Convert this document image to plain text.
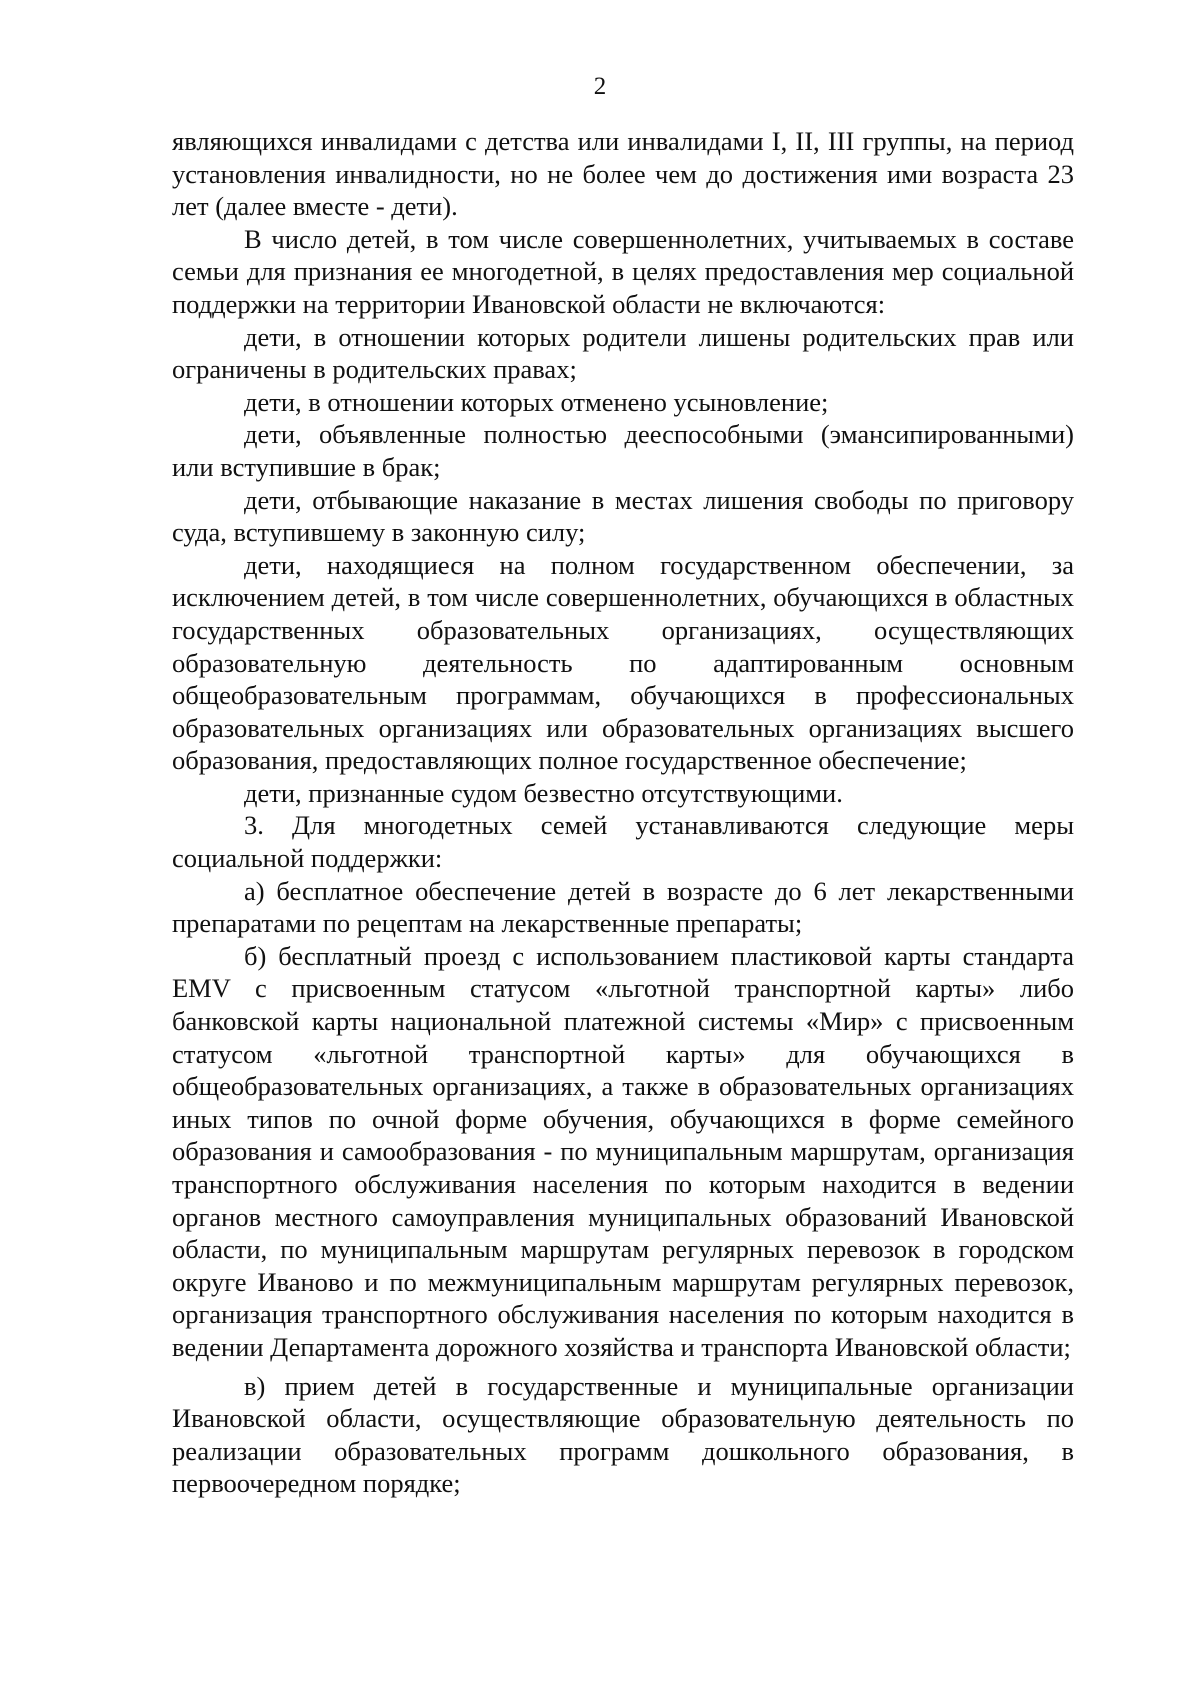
2

являющихся инвалидами с детства или инвалидами I, II, III группы, на период установления инвалидности, но не более чем до достижения ими возраста 23 лет (далее вместе - дети).

В число детей, в том числе совершеннолетних, учитываемых в составе семьи для признания ее многодетной, в целях предоставления мер социальной поддержки на территории Ивановской области не включаются:

дети, в отношении которых родители лишены родительских прав или ограничены в родительских правах;

дети, в отношении которых отменено усыновление;

дети, объявленные полностью дееспособными (эмансипированными) или вступившие в брак;

дети, отбывающие наказание в местах лишения свободы по приговору суда, вступившему в законную силу;

дети, находящиеся на полном государственном обеспечении, за исключением детей, в том числе совершеннолетних, обучающихся в областных государственных образовательных организациях, осуществляющих образовательную деятельность по адаптированным основным общеобразовательным программам, обучающихся в профессиональных образовательных организациях или образовательных организациях высшего образования, предоставляющих полное государственное обеспечение;

дети, признанные судом безвестно отсутствующими.

3. Для многодетных семей устанавливаются следующие меры социальной поддержки:

а) бесплатное обеспечение детей в возрасте до 6 лет лекарственными препаратами по рецептам на лекарственные препараты;

б) бесплатный проезд с использованием пластиковой карты стандарта EMV с присвоенным статусом «льготной транспортной карты» либо банковской карты национальной платежной системы «Мир» с присвоенным статусом «льготной транспортной карты» для обучающихся в общеобразовательных организациях, а также в образовательных организациях иных типов по очной форме обучения, обучающихся в форме семейного образования и самообразования - по муниципальным маршрутам, организация транспортного обслуживания населения по которым находится в ведении органов местного самоуправления муниципальных образований Ивановской области, по муниципальным маршрутам регулярных перевозок в городском округе Иваново и по межмуниципальным маршрутам регулярных перевозок, организация транспортного обслуживания населения по которым находится в ведении Департамента дорожного хозяйства и транспорта Ивановской области;

в) прием детей в государственные и муниципальные организации Ивановской области, осуществляющие образовательную деятельность по реализации образовательных программ дошкольного образования, в первоочередном порядке;
